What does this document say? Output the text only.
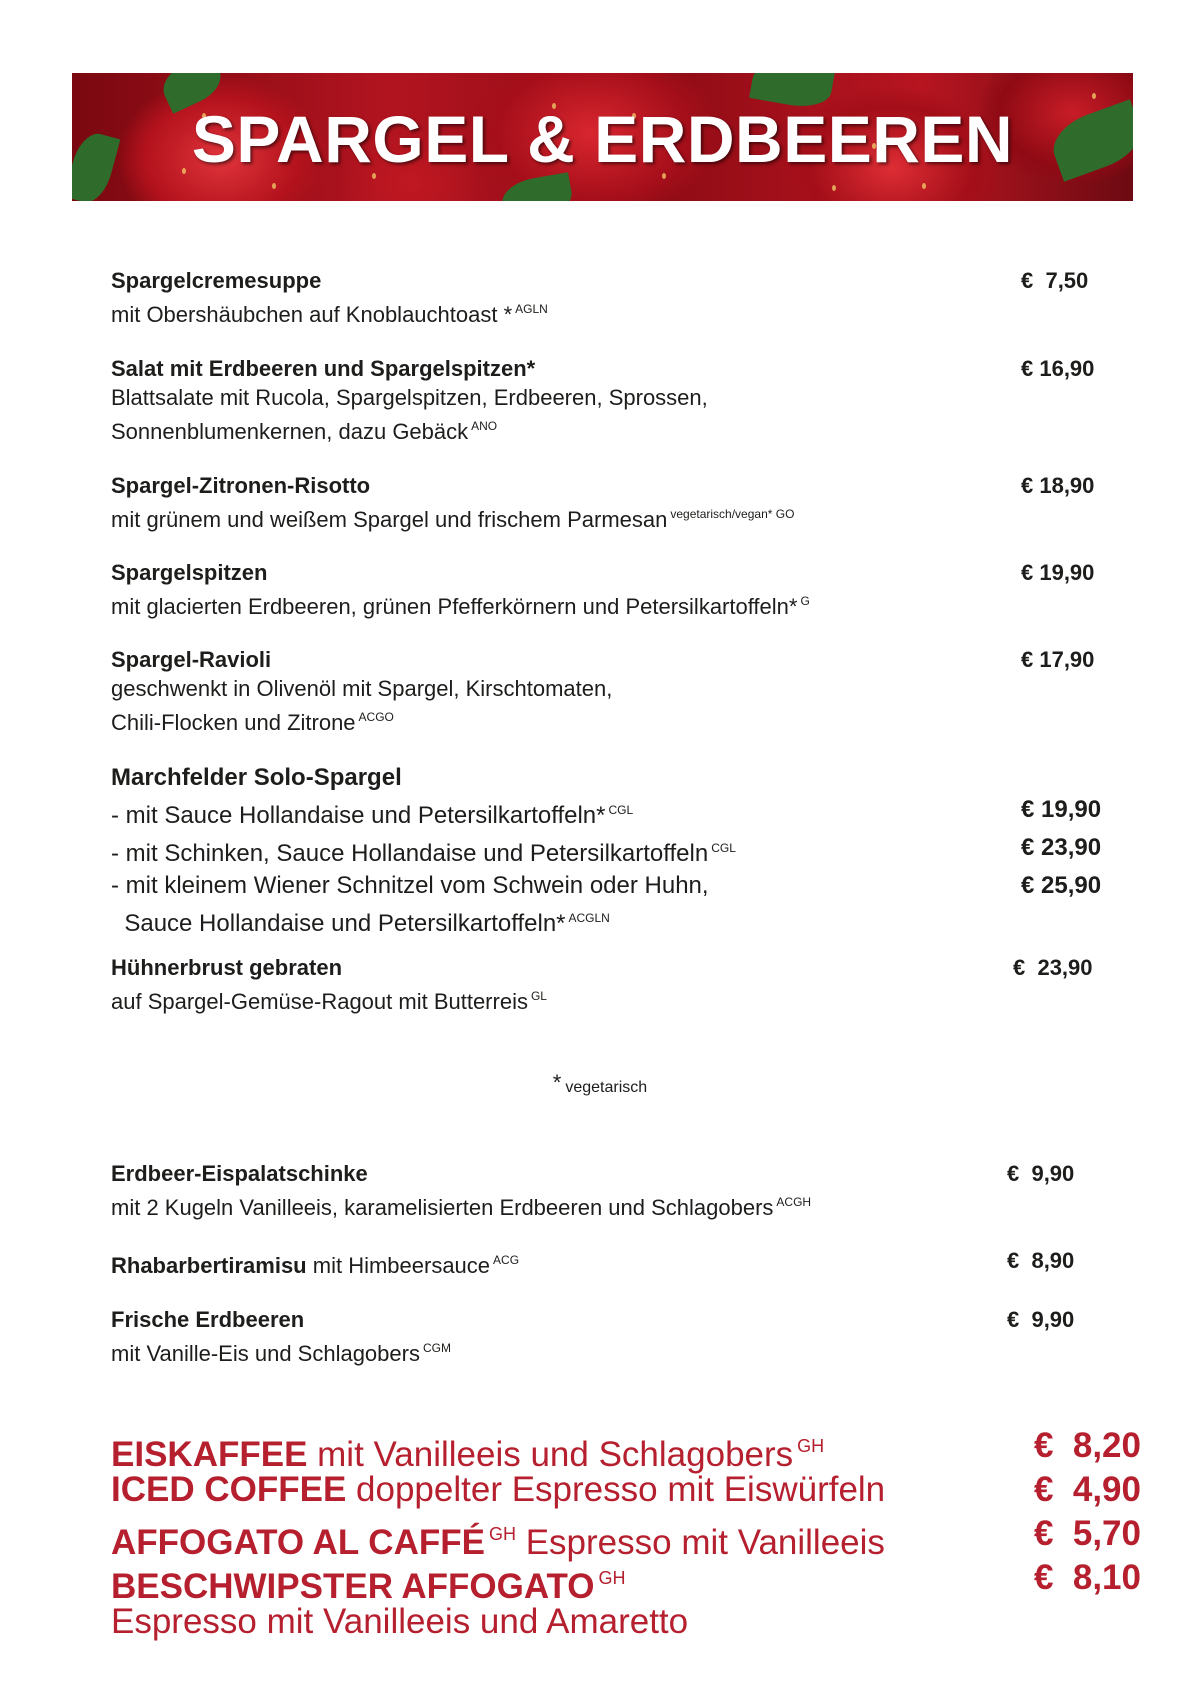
SPARGEL & ERDBEEREN
Spargelcremesuppe
mit Obershäubchen auf Knoblauchtoast * $^{AGLN}$
€  7,50
Salat mit Erdbeeren und Spargelspitzen*
Blattsalate mit Rucola, Spargelspitzen, Erdbeeren, Sprossen,
Sonnenblumenkernen, dazu Gebäck $^{ANO}$
€ 16,90
Spargel-Zitronen-Risotto
mit grünem und weißem Spargel und frischem Parmesan $^{vegetarisch/vegan* GO}$
€ 18,90
Spargelspitzen
mit glacierten Erdbeeren, grünen Pfefferkörnern und Petersilkartoffeln* $^G$
€ 19,90
Spargel-Ravioli
geschwenkt in Olivenöl mit Spargel, Kirschtomaten,
Chili-Flocken und Zitrone $^{ACGO}$
€ 17,90
Marchfelder Solo-Spargel
- mit Sauce Hollandaise und Petersilkartoffeln* $^{CGL}$	€ 19,90
- mit Schinken, Sauce Hollandaise und Petersilkartoffeln $^{CGL}$	€ 23,90
- mit kleinem Wiener Schnitzel vom Schwein oder Huhn,	€ 25,90
Sauce Hollandaise und Petersilkartoffeln* $^{ACGLN}$
Hühnerbrust gebraten
auf Spargel-Gemüse-Ragout mit Butterreis $^{GL}$
€  23,90
* vegetarisch
Erdbeer-Eispalatschinke
mit 2 Kugeln Vanilleeis, karamelisierten Erdbeeren und Schlagobers $^{ACGH}$
€  9,90
Rhabarbertiramisu mit Himbeersauce $^{ACG}$	€  8,90
Frische Erdbeeren
mit Vanille-Eis und Schlagobers $^{CGM}$
€  9,90
EISKAFFEE mit Vanilleeis und Schlagobers $^{GH}$	€  8,20
ICED COFFEE doppelter Espresso mit Eiswürfeln	€  4,90
AFFOGATO AL CAFFÉ $^{GH}$ Espresso mit Vanilleeis	€  5,70
BESCHWIPSTER AFFOGATO $^{GH}$	€  8,10
Espresso mit Vanilleeis und Amaretto
